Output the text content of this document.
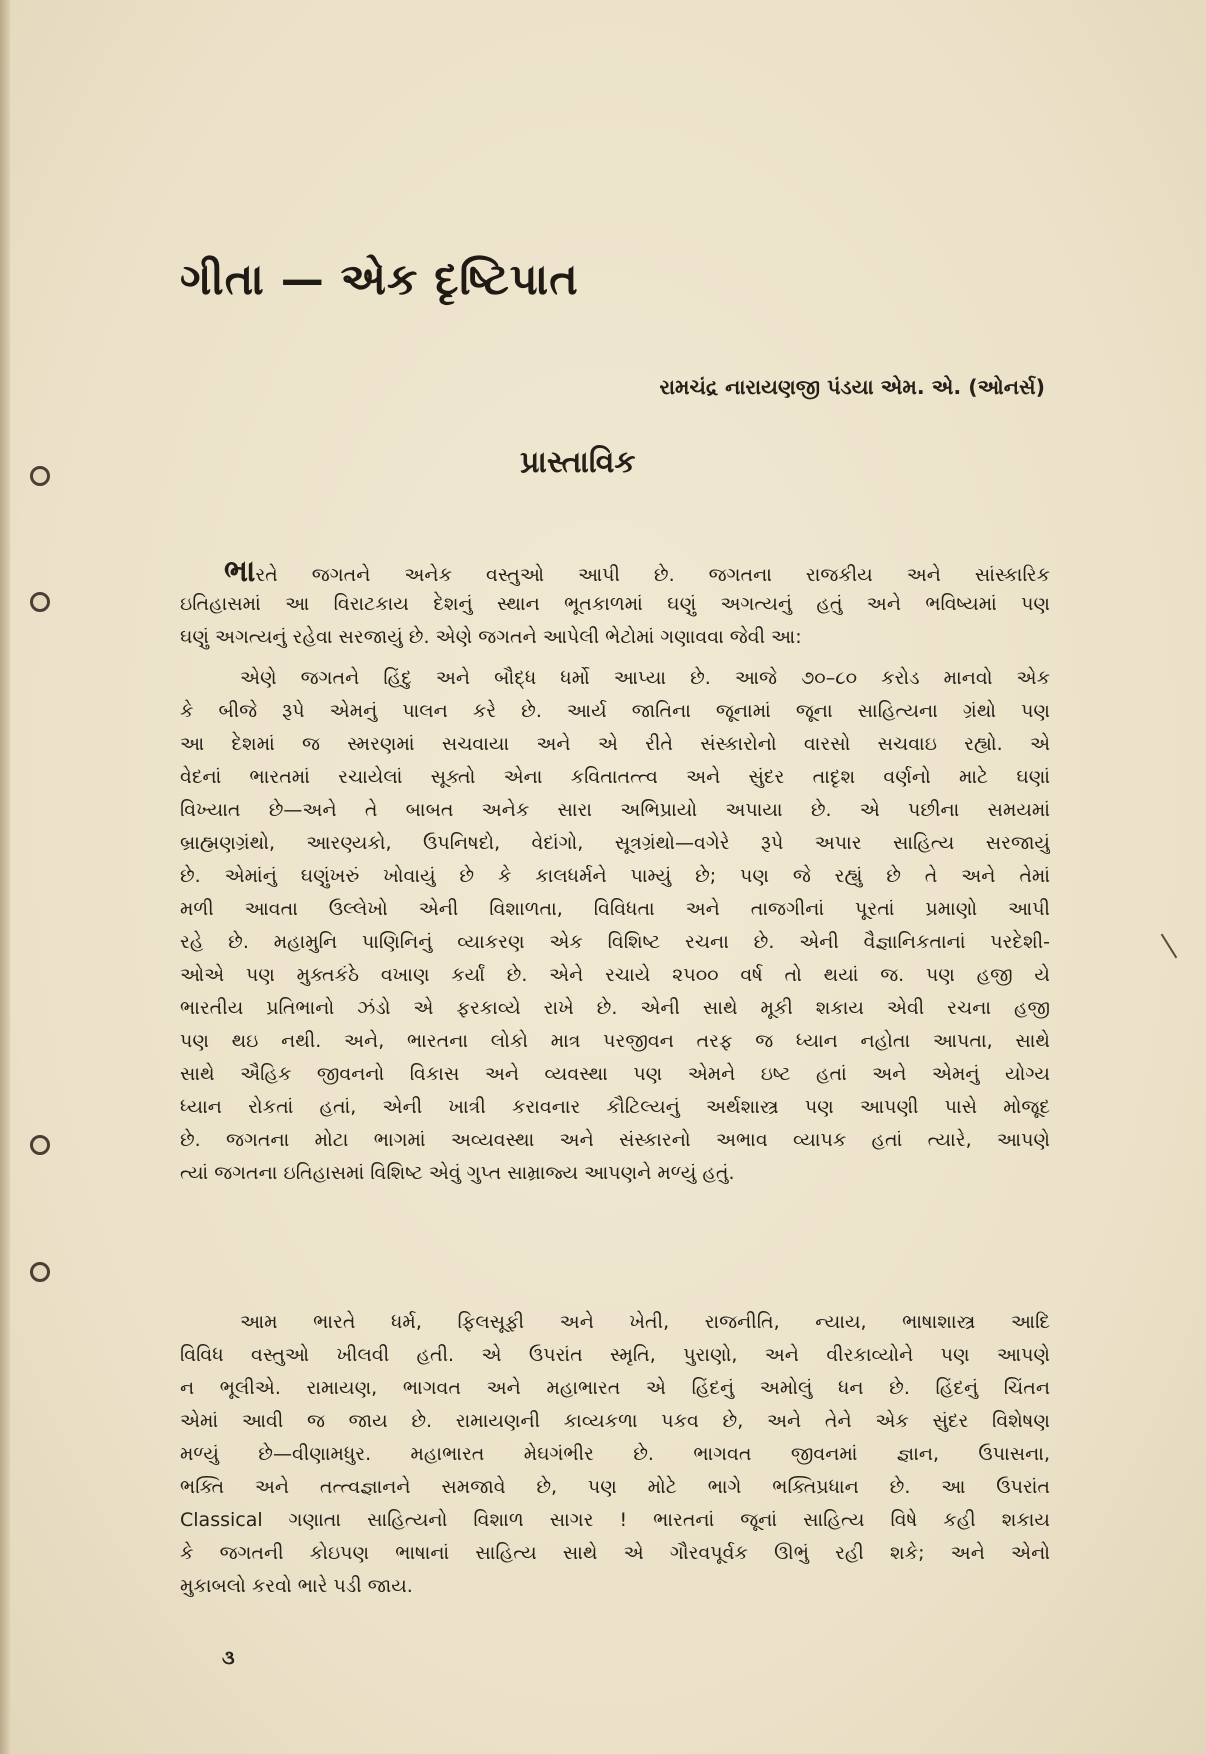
ગીતા — એક દૃષ્ટિપાત
રામચંદ્ર નારાયણજી પંડયા એમ. એ. (ઓનર્સ)
પ્રાસ્તાવિક
ભારતે જગતને અનેક વસ્તુઓ આપી છે. જગતના રાજકીય અને સાંસ્કારિક
ઇતિહાસમાં આ વિરાટકાય દેશનું સ્થાન ભૂતકાળમાં ઘણું અગત્યનું હતું અને ભવિષ્યમાં પણ
ઘણું અગત્યનું રહેવા સરજાયું છે. એણે જગતને આપેલી ભેટોમાં ગણાવવા જેવી આ:
એણે જગતને હિંદુ અને બૌદ્ધ ધર્મો આપ્યા છે. આજે ૭૦–૮૦ કરોડ માનવો એક
કે બીજે રૂપે એમનું પાલન કરે છે. આર્ય જાતિના જૂનામાં જૂના સાહિત્યના ગ્રંથો પણ
આ દેશમાં જ સ્મરણમાં સચવાયા અને એ રીતે સંસ્કારોનો વારસો સચવાઇ રહ્યો. એ
વેદનાં ભારતમાં રચાયેલાં સૂક્તો એના કવિતાતત્ત્વ અને સુંદર તાદૃશ વર્ણનો માટે ઘણાં
વિખ્યાત છે—અને તે બાબત અનેક સારા અભિપ્રાયો અપાયા છે. એ પછીના સમયમાં
બ્રાહ્મણગ્રંથો, આરણ્યકો, ઉપનિષદો, વેદાંગો, સૂત્રગ્રંથો—વગેરે રૂપે અપાર સાહિત્ય સરજાયું
છે. એમાંનું ઘણુંખરું ખોવાયું છે કે કાલધર્મને પામ્યું છે; પણ જે રહ્યું છે તે અને તેમાં
મળી આવતા ઉલ્લેખો એની વિશાળતા, વિવિધતા અને તાજગીનાં પૂરતાં પ્રમાણો આપી
રહે છે. મહામુનિ પાણિનિનું વ્યાકરણ એક વિશિષ્ટ રચના છે. એની વૈજ્ઞાનિકતાનાં પરદેશી-
ઓએ પણ મુક્તકંઠે વખાણ કર્યાં છે. એને રચાયે ૨૫૦૦ વર્ષ તો થયાં જ. પણ હજી યે
ભારતીય પ્રતિભાનો ઝંડો એ ફરકાવ્યે રાખે છે. એની સાથે મૂકી શકાય એવી રચના હજી
પણ થઇ નથી. અને, ભારતના લોકો માત્ર પરજીવન તરફ જ ધ્યાન નહોતા આપતા, સાથે
સાથે ઐહિક જીવનનો વિકાસ અને વ્યવસ્થા પણ એમને ઇષ્ટ હતાં અને એમનું યોગ્ય
ધ્યાન રોકતાં હતાં, એની ખાત્રી કરાવનાર કૌટિલ્યનું અર્થશાસ્ત્ર પણ આપણી પાસે મોજૂદ
છે. જગતના મોટા ભાગમાં અવ્યવસ્થા અને સંસ્કારનો અભાવ વ્યાપક હતાં ત્યારે, આપણે
ત્યાં જગતના ઇતિહાસમાં વિશિષ્ટ એવું ગુપ્ત સામ્રાજ્ય આપણને મળ્યું હતું.
આમ ભારતે ધર્મ, ફિલસૂફી અને ખેતી, રાજનીતિ, ન્યાય, ભાષાશાસ્ત્ર આદિ
વિવિધ વસ્તુઓ ખીલવી હતી. એ ઉપરાંત સ્મૃતિ, પુરાણો, અને વીરકાવ્યોને પણ આપણે
ન ભૂલીએ. રામાયણ, ભાગવત અને મહાભારત એ હિંદનું અમોલું ધન છે. હિંદનું ચિંતન
એમાં આવી જ જાય છે. રામાયણની કાવ્યકળા પકવ છે, અને તેને એક સુંદર વિશેષણ
મળ્યું છે—વીણામધુર. મહાભારત મેઘગંભીર છે. ભાગવત જીવનમાં જ્ઞાન, ઉપાસના,
ભક્તિ અને તત્ત્વજ્ઞાનને સમજાવે છે, પણ મોટે ભાગે ભક્તિપ્રધાન છે. આ ઉપરાંત
Classical ગણાતા સાહિત્યનો વિશાળ સાગર ! ભારતનાં જૂનાં સાહિત્ય વિષે કહી શકાય
કે જગતની કોઇપણ ભાષાનાં સાહિત્ય સાથે એ ગૌરવપૂર્વક ઊભું રહી શકે; અને એનો
મુકાબલો કરવો ભારે પડી જાય.
૩
